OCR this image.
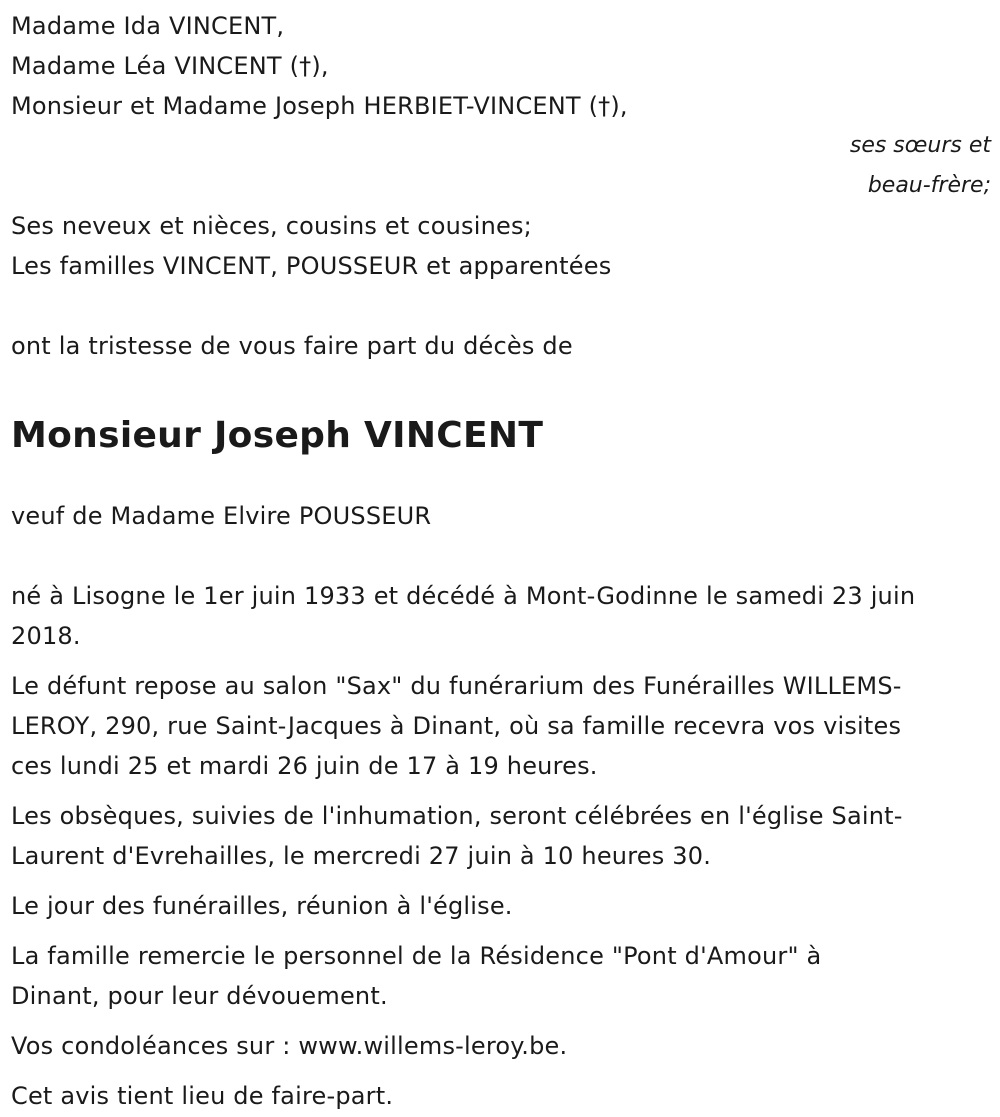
Madame Ida VINCENT,
Madame Léa VINCENT (†),
Monsieur et Madame Joseph HERBIET-VINCENT (†),
ses sœurs et
beau-frère;
Ses neveux et nièces, cousins et cousines;
Les familles VINCENT, POUSSEUR et apparentées
ont la tristesse de vous faire part du décès de
Monsieur Joseph VINCENT
veuf de Madame Elvire POUSSEUR
né à Lisogne le 1er juin 1933 et décédé à Mont-Godinne le samedi 23 juin
2018.
Le défunt repose au salon "Sax" du funérarium des Funérailles WILLEMS-
LEROY, 290, rue Saint-Jacques à Dinant, où sa famille recevra vos visites
ces lundi 25 et mardi 26 juin de 17 à 19 heures.
Les obsèques, suivies de l'inhumation, seront célébrées en l'église Saint-
Laurent d'Evrehailles, le mercredi 27 juin à 10 heures 30.
Le jour des funérailles, réunion à l'église.
La famille remercie le personnel de la Résidence "Pont d'Amour" à
Dinant, pour leur dévouement.
Vos condoléances sur : www.willems-leroy.be.
Cet avis tient lieu de faire-part.
